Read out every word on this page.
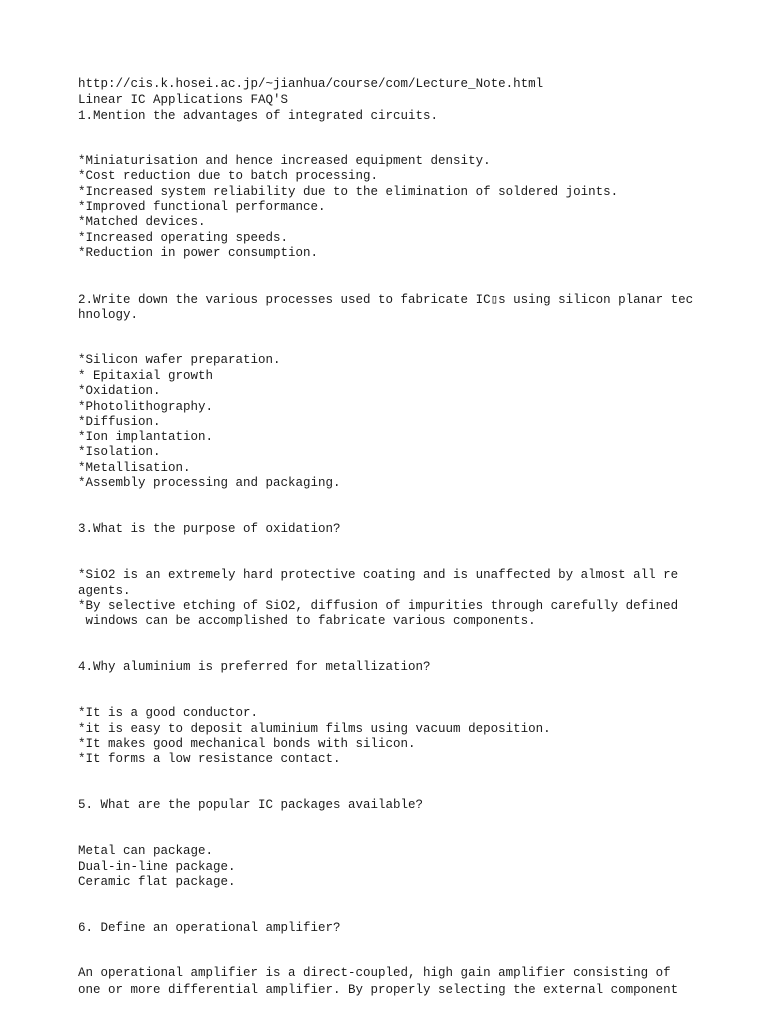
http://cis.k.hosei.ac.jp/~jianhua/course/com/Lecture_Note.html

Linear IC Applications FAQ'S

1.Mention the advantages of integrated circuits.

*Miniaturisation and hence increased equipment density.

*Cost reduction due to batch processing.

*Increased system reliability due to the elimination of soldered joints.

*Improved functional performance.

*Matched devices.

*Increased operating speeds.

*Reduction in power consumption.

2.Write down the various processes used to fabricate IC▯s using silicon planar tec

hnology.

*Silicon wafer preparation.

* Epitaxial growth

*Oxidation.

*Photolithography.

*Diffusion.

*Ion implantation.

*Isolation.

*Metallisation.

*Assembly processing and packaging.

3.What is the purpose of oxidation?

*SiO2 is an extremely hard protective coating and is unaffected by almost all re

agents.

*By selective etching of SiO2, diffusion of impurities through carefully defined

windows can be accomplished to fabricate various components.

4.Why aluminium is preferred for metallization?

*It is a good conductor.

*it is easy to deposit aluminium films using vacuum deposition.

*It makes good mechanical bonds with silicon.

*It forms a low resistance contact.

5. What are the popular IC packages available?

Metal can package.

Dual-in-line package.

Ceramic flat package.

6. Define an operational amplifier?

An operational amplifier is a direct-coupled, high gain amplifier consisting of

one or more differential amplifier. By properly selecting the external component
